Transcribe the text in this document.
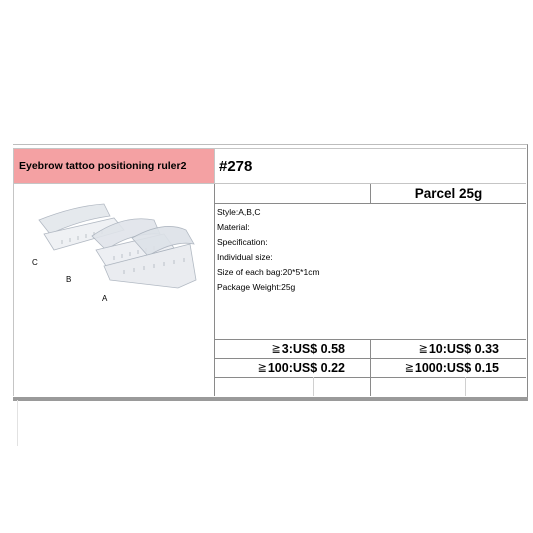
Eyebrow tattoo positioning ruler2	#278
C
B
A
Parcel 25g
Style:A,B,C
Material:
Specification:
Individual size:
Size of each bag:20*5*1cm
Package Weight:25g
≧ 3:US$ 0.58	≧ 10:US$ 0.33
≧ 100:US$ 0.22	≧ 1000:US$ 0.15
